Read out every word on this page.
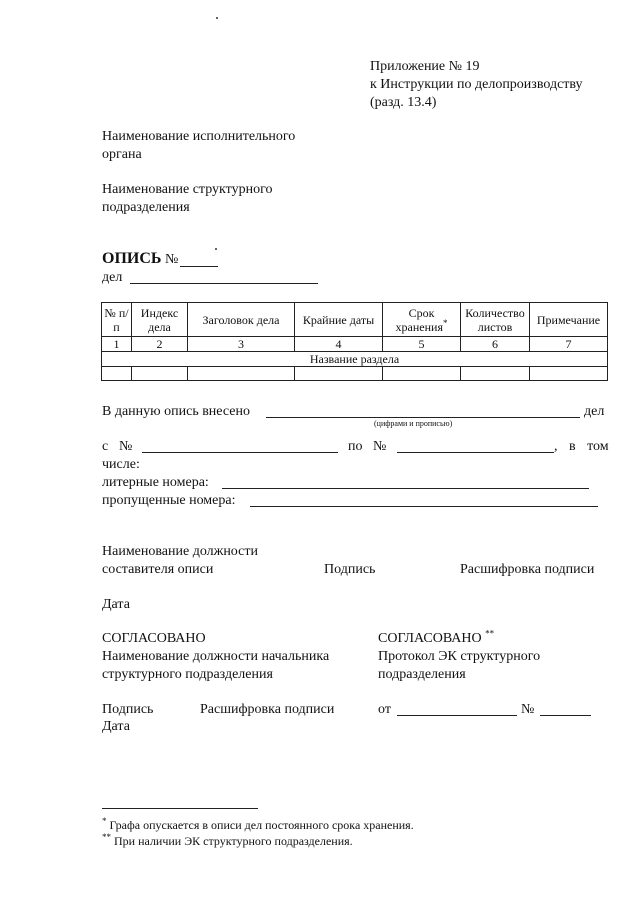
Приложение № 19
к Инструкции по делопроизводству
(разд. 13.4)
Наименование исполнительного
органа
Наименование структурного
подразделения
ОПИСЬ №
дел
№ п/п	Индекс дела	Заголовок дела	Крайние даты	Срок хранения*	Количество листов	Примечание
1	2	3	4	5	6	7
Название раздела						

В данную опись внесено	дел
(цифрами и прописью)
с №	по №	, в том
числе:
литерные номера:
пропущенные номера:
Наименование должности
составителя описи	Подпись	Расшифровка подписи
Дата
СОГЛАСОВАНО
Наименование должности начальника
структурного подразделения
Подпись	Расшифровка подписи
Дата
СОГЛАСОВАНО **
Протокол ЭК структурного
подразделения
от	№
* Графа опускается в описи дел постоянного срока хранения.
** При наличии ЭК структурного подразделения.
